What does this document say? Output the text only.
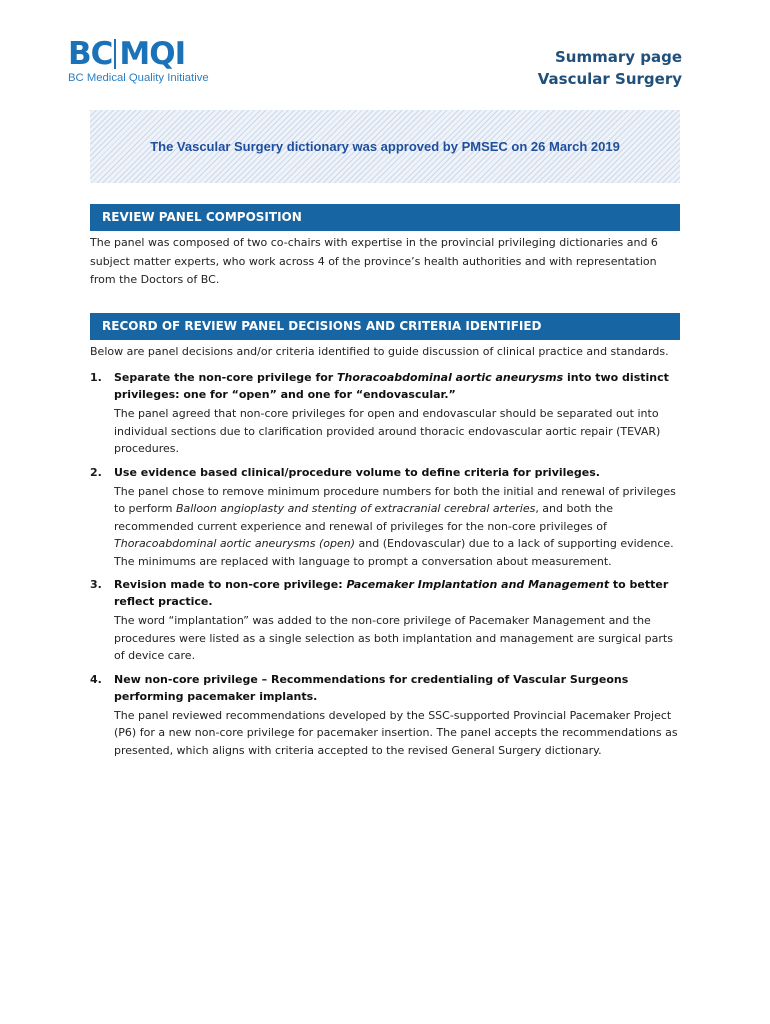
BC MQI
BC Medical Quality Initiative
Summary page
Vascular Surgery
The Vascular Surgery dictionary was approved by PMSEC on 26 March 2019
REVIEW PANEL COMPOSITION
The panel was composed of two co-chairs with expertise in the provincial privileging dictionaries and 6 subject matter experts, who work across 4 of the province’s health authorities and with representation from the Doctors of BC.
RECORD OF REVIEW PANEL DECISIONS AND CRITERIA IDENTIFIED
Below are panel decisions and/or criteria identified to guide discussion of clinical practice and standards.
1. Separate the non-core privilege for Thoracoabdominal aortic aneurysms into two distinct privileges: one for “open” and one for “endovascular.”
The panel agreed that non-core privileges for open and endovascular should be separated out into individual sections due to clarification provided around thoracic endovascular aortic repair (TEVAR) procedures.
2. Use evidence based clinical/procedure volume to define criteria for privileges.
The panel chose to remove minimum procedure numbers for both the initial and renewal of privileges to perform Balloon angioplasty and stenting of extracranial cerebral arteries, and both the recommended current experience and renewal of privileges for the non-core privileges of Thoracoabdominal aortic aneurysms (open) and (Endovascular) due to a lack of supporting evidence. The minimums are replaced with language to prompt a conversation about measurement.
3. Revision made to non-core privilege: Pacemaker Implantation and Management to better reflect practice.
The word “implantation” was added to the non-core privilege of Pacemaker Management and the procedures were listed as a single selection as both implantation and management are surgical parts of device care.
4. New non-core privilege – Recommendations for credentialing of Vascular Surgeons performing pacemaker implants.
The panel reviewed recommendations developed by the SSC-supported Provincial Pacemaker Project (P6) for a new non-core privilege for pacemaker insertion. The panel accepts the recommendations as presented, which aligns with criteria accepted to the revised General Surgery dictionary.
